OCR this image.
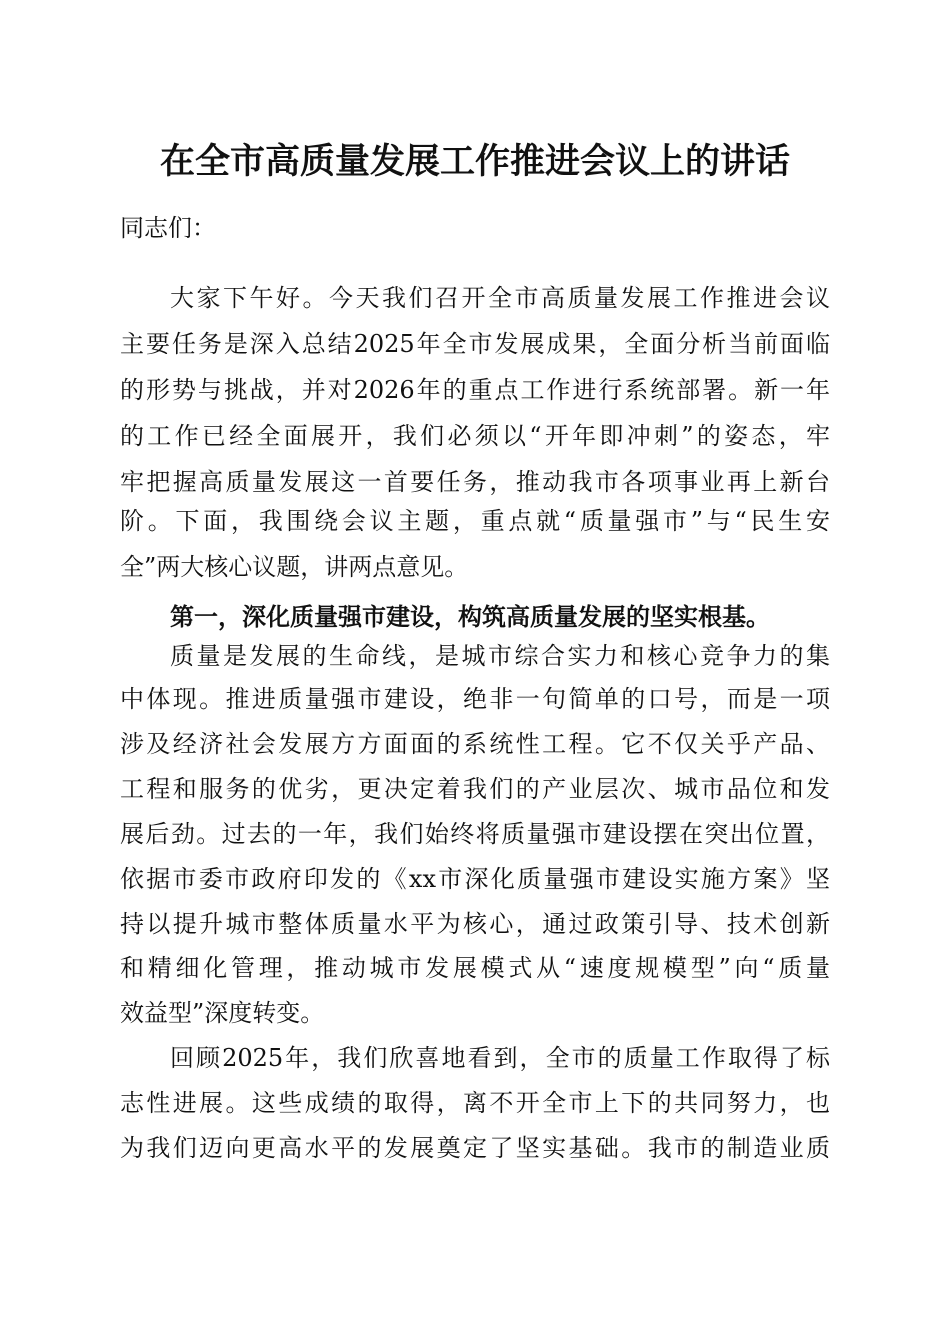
在全市高质量发展工作推进会议上的讲话
同志们：
大家下午好。今天我们召开全市高质量发展工作推进会议
主要任务是深入总结2025年全市发展成果，全面分析当前面临
的形势与挑战，并对2026年的重点工作进行系统部署。新一年
的工作已经全面展开，我们必须以“开年即冲刺”的姿态，牢
牢把握高质量发展这一首要任务，推动我市各项事业再上新台
阶。下面，我围绕会议主题，重点就“质量强市”与“民生安
全”两大核心议题，讲两点意见。
第一，深化质量强市建设，构筑高质量发展的坚实根基。
质量是发展的生命线，是城市综合实力和核心竞争力的集
中体现。推进质量强市建设，绝非一句简单的口号，而是一项
涉及经济社会发展方方面面的系统性工程。它不仅关乎产品、
工程和服务的优劣，更决定着我们的产业层次、城市品位和发
展后劲。过去的一年，我们始终将质量强市建设摆在突出位置，
依据市委市政府印发的《xx市深化质量强市建设实施方案》坚
持以提升城市整体质量水平为核心，通过政策引导、技术创新
和精细化管理，推动城市发展模式从“速度规模型”向“质量
效益型”深度转变。
回顾2025年，我们欣喜地看到，全市的质量工作取得了标
志性进展。这些成绩的取得，离不开全市上下的共同努力，也
为我们迈向更高水平的发展奠定了坚实基础。我市的制造业质
